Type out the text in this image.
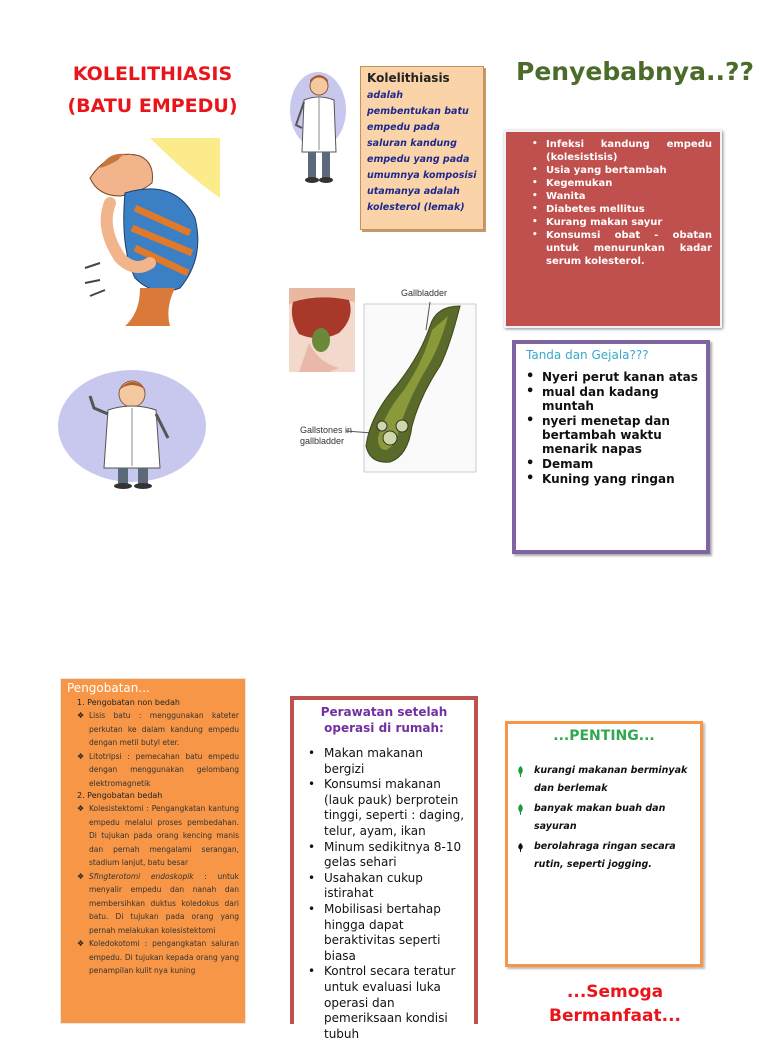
KOLELITHIASIS
(BATU EMPEDU)
Kolelithiasis
adalah pembentukan batu empedu pada saluran kandung empedu yang pada umumnya komposisi utamanya adalah kolesterol (lemak)
Penyebabnya..??
• Infeksi kandung empedu (kolesistisis)
• Usia yang bertambah
• Kegemukan
• Wanita
• Diabetes mellitus
• Kurang makan sayur
• Konsumsi obat - obatan untuk menurunkan kadar serum kolesterol.
Gallbladder
Gallstones in gallbladder
Tanda dan Gejala???
• Nyeri perut kanan atas
• mual dan kadang muntah
• nyeri menetap dan bertambah waktu menarik napas
• Demam
• Kuning yang ringan
Pengobatan...
1. Pengobatan non bedah
❖ Lisis batu : menggunakan kateter perkutan ke dalam kandung empedu dengan metil butyl eter.
❖ Litotripsi : pemecahan batu empedu dengan menggunakan gelombang elektromagnetik
2. Pengobatan bedah
❖ Kolesistektomi : Pengangkatan kantung empedu melalui proses pembedahan. Di tujukan pada orang kencing manis dan pernah mengalami serangan, stadium lanjut, batu besar
❖ Sfingterotomi endoskopik : untuk menyalir empedu dan nanah dan membersihkan duktus koledokus dari batu. Di tujukan pada orang yang pernah melakukan kolesistektomi
❖ Koledokotomi : pengangkatan saluran empedu. Di tujukan kepada orang yang penampilan kulit nya kuning
Perawatan setelah operasi di rumah:
• Makan makanan bergizi
• Konsumsi makanan (lauk pauk) berprotein tinggi, seperti : daging, telur, ayam, ikan
• Minum sedikitnya 8-10 gelas sehari
• Usahakan cukup istirahat
• Mobilisasi bertahap hingga dapat beraktivitas seperti biasa
• Kontrol secara teratur untuk evaluasi luka operasi dan pemeriksaan kondisi tubuh
...PENTING...
kurangi makanan berminyak dan berlemak
banyak makan buah dan sayuran
berolahraga ringan secara rutin, seperti jogging.
...Semoga
Bermanfaat...
